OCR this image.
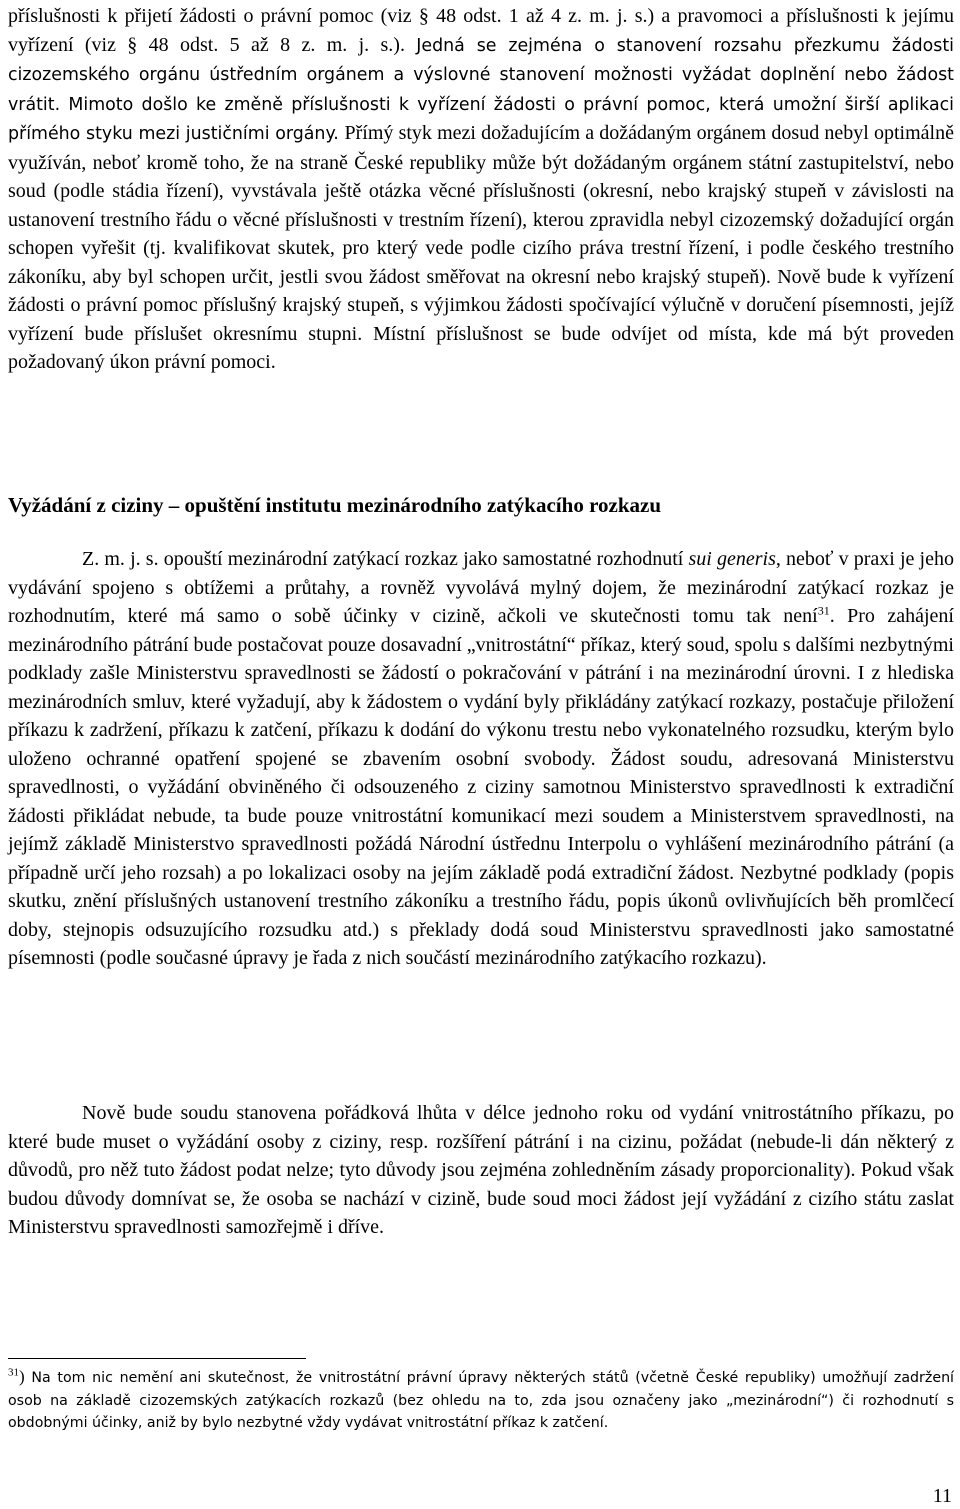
příslušnosti k přijetí žádosti o právní pomoc (viz § 48 odst. 1 až 4 z. m. j. s.) a pravomoci a příslušnosti k jejímu vyřízení (viz § 48 odst. 5 až 8 z. m. j. s.). Jedná se zejména o stanovení rozsahu přezkumu žádosti cizozemského orgánu ústředním orgánem a výslovné stanovení možnosti vyžádat doplnění nebo žádost vrátit. Mimoto došlo ke změně příslušnosti k vyřízení žádosti o právní pomoc, která umožní širší aplikaci přímého styku mezi justičními orgány. Přímý styk mezi dožadujícím a dožádaným orgánem dosud nebyl optimálně využíván, neboť kromě toho, že na straně České republiky může být dožádaným orgánem státní zastupitelství, nebo soud (podle stádia řízení), vyvstávala ještě otázka věcné příslušnosti (okresní, nebo krajský stupeň v závislosti na ustanovení trestního řádu o věcné příslušnosti v trestním řízení), kterou zpravidla nebyl cizozemský dožadující orgán schopen vyřešit (tj. kvalifikovat skutek, pro který vede podle cizího práva trestní řízení, i podle českého trestního zákoníku, aby byl schopen určit, jestli svou žádost směřovat na okresní nebo krajský stupeň). Nově bude k vyřízení žádosti o právní pomoc příslušný krajský stupeň, s výjimkou žádosti spočívající výlučně v doručení písemnosti, jejíž vyřízení bude příslušet okresnímu stupni. Místní příslušnost se bude odvíjet od místa, kde má být proveden požadovaný úkon právní pomoci.

Vyžádání z ciziny – opuštění institutu mezinárodního zatýkacího rozkazu

Z. m. j. s. opouští mezinárodní zatýkací rozkaz jako samostatné rozhodnutí sui generis, neboť v praxi je jeho vydávání spojeno s obtížemi a průtahy, a rovněž vyvolává mylný dojem, že mezinárodní zatýkací rozkaz je rozhodnutím, které má samo o sobě účinky v cizině, ačkoli ve skutečnosti tomu tak není$^{31}$. Pro zahájení mezinárodního pátrání bude postačovat pouze dosavadní „vnitrostátní“ příkaz, který soud, spolu s dalšími nezbytnými podklady zašle Ministerstvu spravedlnosti se žádostí o pokračování v pátrání i na mezinárodní úrovni. I z hlediska mezinárodních smluv, které vyžadují, aby k žádostem o vydání byly přikládány zatýkací rozkazy, postačuje přiložení příkazu k zadržení, příkazu k zatčení, příkazu k dodání do výkonu trestu nebo vykonatelného rozsudku, kterým bylo uloženo ochranné opatření spojené se zbavením osobní svobody. Žádost soudu, adresovaná Ministerstvu spravedlnosti, o vyžádání obviněného či odsouzeného z ciziny samotnou Ministerstvo spravedlnosti k extradiční žádosti přikládat nebude, ta bude pouze vnitrostátní komunikací mezi soudem a Ministerstvem spravedlnosti, na jejímž základě Ministerstvo spravedlnosti požádá Národní ústřednu Interpolu o vyhlášení mezinárodního pátrání (a případně určí jeho rozsah) a po lokalizaci osoby na jejím základě podá extradiční žádost. Nezbytné podklady (popis skutku, znění příslušných ustanovení trestního zákoníku a trestního řádu, popis úkonů ovlivňujících běh promlčecí doby, stejnopis odsuzujícího rozsudku atd.) s překlady dodá soud Ministerstvu spravedlnosti jako samostatné písemnosti (podle současné úpravy je řada z nich součástí mezinárodního zatýkacího rozkazu).

Nově bude soudu stanovena pořádková lhůta v délce jednoho roku od vydání vnitrostátního příkazu, po které bude muset o vyžádání osoby z ciziny, resp. rozšíření pátrání i na cizinu, požádat (nebude-li dán některý z důvodů, pro něž tuto žádost podat nelze; tyto důvody jsou zejména zohledněním zásady proporcionality). Pokud však budou důvody domnívat se, že osoba se nachází v cizině, bude soud moci žádost její vyžádání z cizího státu zaslat Ministerstvu spravedlnosti samozřejmě i dříve.

$^{31}$) Na tom nic nemění ani skutečnost, že vnitrostátní právní úpravy některých států (včetně České republiky) umožňují zadržení osob na základě cizozemských zatýkacích rozkazů (bez ohledu na to, zda jsou označeny jako „mezinárodní“) či rozhodnutí s obdobnými účinky, aniž by bylo nezbytné vždy vydávat vnitrostátní příkaz k zatčení.

11
